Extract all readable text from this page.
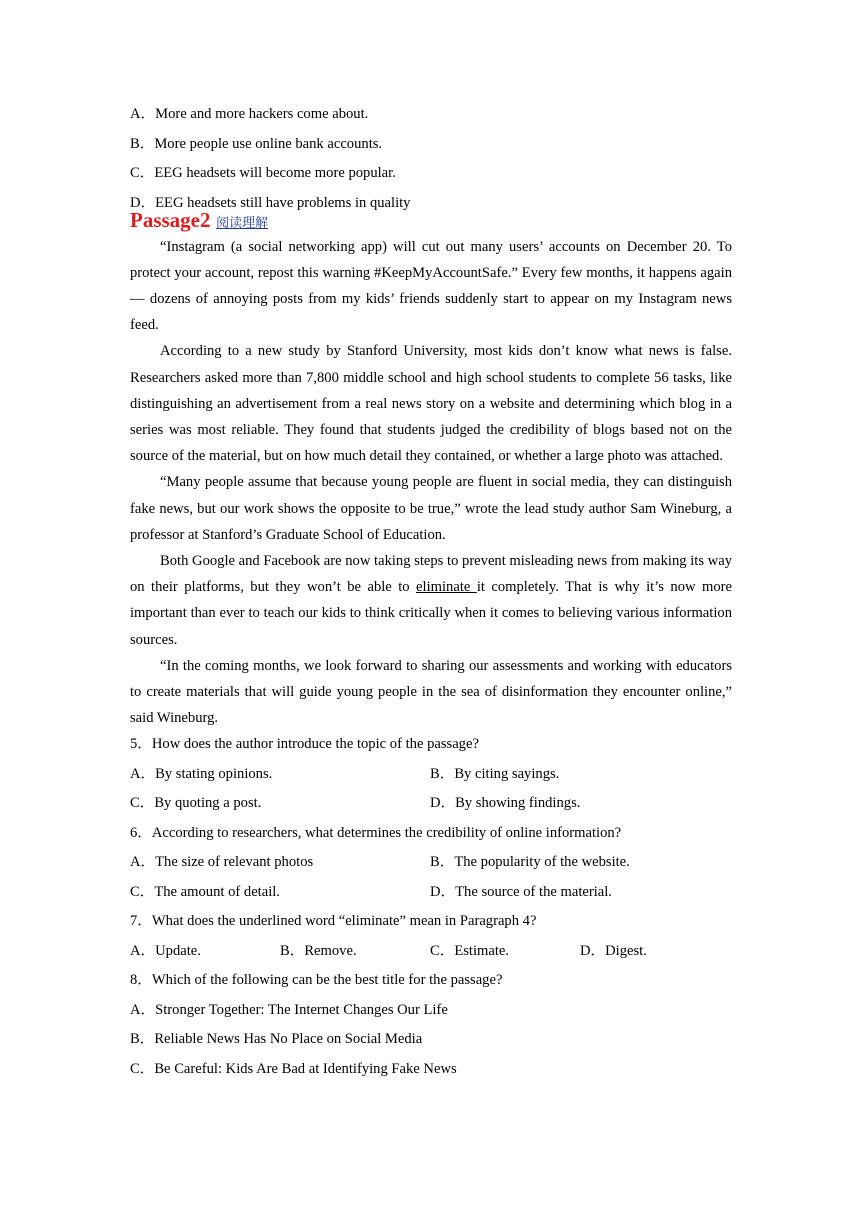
A．More and more hackers come about.
B．More people use online bank accounts.
C．EEG headsets will become more popular.
D．EEG headsets still have problems in quality
Passage2 阅读理解

“Instagram (a social networking app) will cut out many users’ accounts on December 20. To protect your account, repost this warning #KeepMyAccountSafe.” Every few months, it happens again — dozens of annoying posts from my kids’ friends suddenly start to appear on my Instagram news feed.

According to a new study by Stanford University, most kids don’t know what news is false. Researchers asked more than 7,800 middle school and high school students to complete 56 tasks, like distinguishing an advertisement from a real news story on a website and determining which blog in a series was most reliable. They found that students judged the credibility of blogs based not on the source of the material, but on how much detail they contained, or whether a large photo was attached.

“Many people assume that because young people are fluent in social media, they can distinguish fake news, but our work shows the opposite to be true,” wrote the lead study author Sam Wineburg, a professor at Stanford’s Graduate School of Education.

Both Google and Facebook are now taking steps to prevent misleading news from making its way on their platforms, but they won’t be able to eliminate it completely. That is why it’s now more important than ever to teach our kids to think critically when it comes to believing various information sources.

“In the coming months, we look forward to sharing our assessments and working with educators to create materials that will guide young people in the sea of disinformation they encounter online,” said Wineburg.

5．How does the author introduce the topic of the passage?
A．By stating opinions.	B．By citing sayings.
C．By quoting a post.	D．By showing findings.
6．According to researchers, what determines the credibility of online information?
A．The size of relevant photos	B．The popularity of the website.
C．The amount of detail.	D．The source of the material.
7．What does the underlined word “eliminate” mean in Paragraph 4?
A．Update.	B．Remove.	C．Estimate.	D．Digest.
8．Which of the following can be the best title for the passage?
A．Stronger Together: The Internet Changes Our Life
B．Reliable News Has No Place on Social Media
C．Be Careful: Kids Are Bad at Identifying Fake News
